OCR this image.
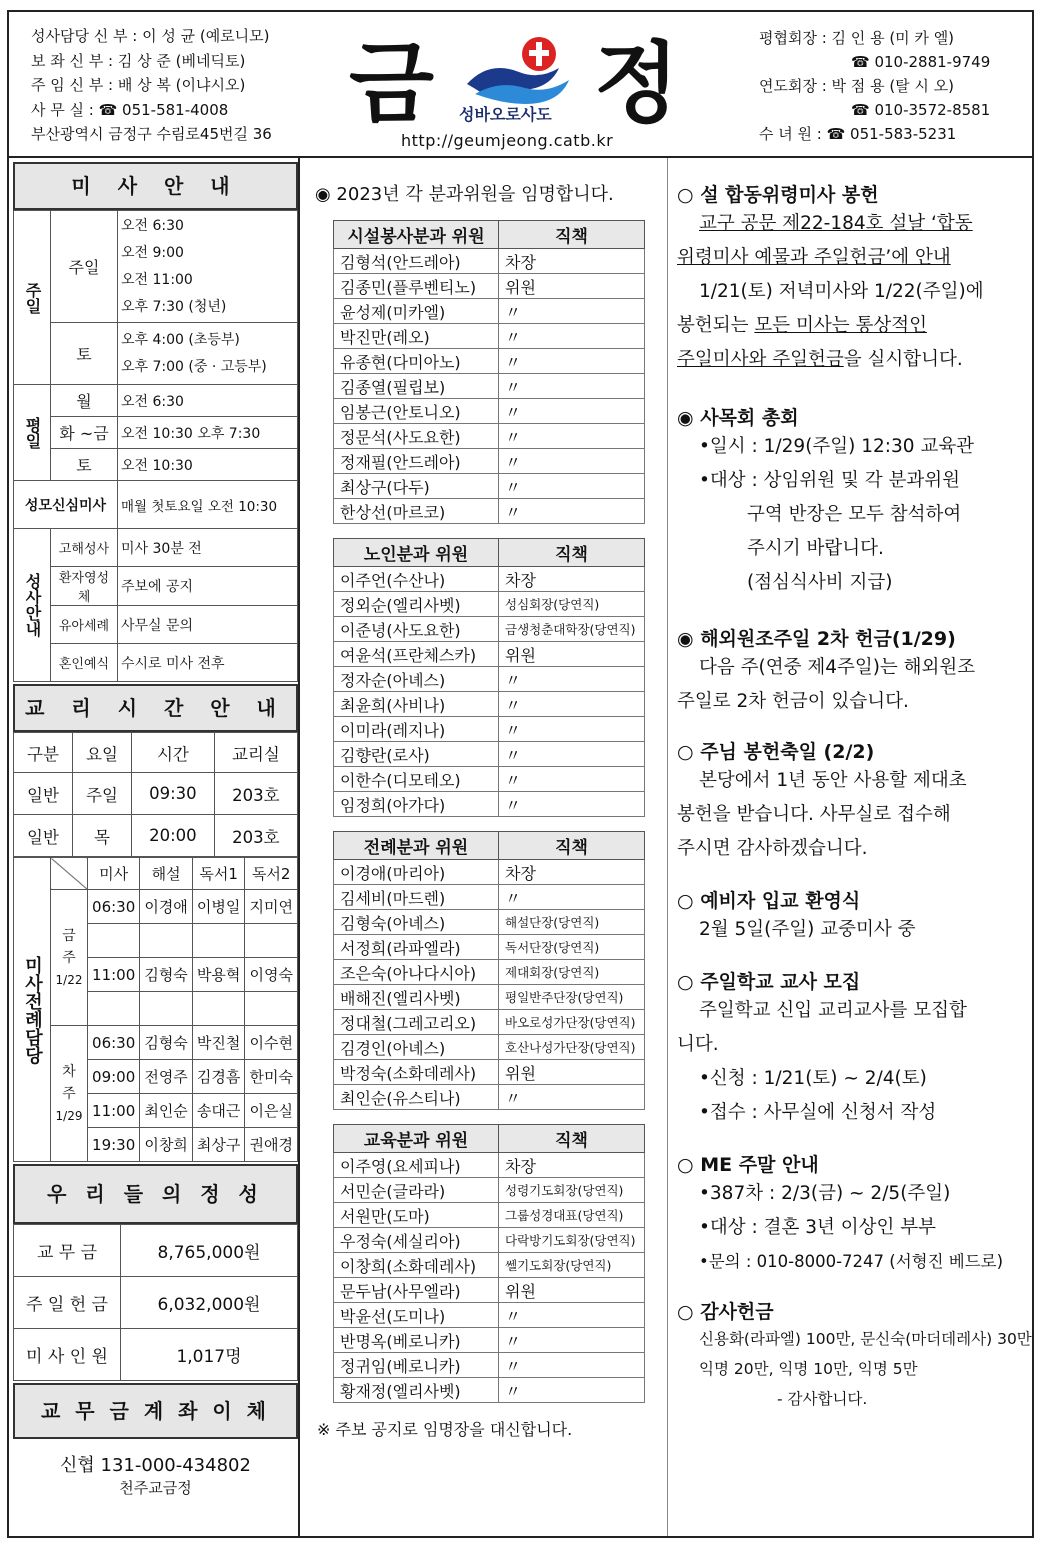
성사담당 신 부 : 이 성 균 (예로니모)
보 좌 신 부 : 김 상 준 (베네딕토)
주 임 신 부 : 배 상 복 (이냐시오)
사 무 실 : ☎ 051-581-4008
부산광역시 금정구 수림로45번길 36 금 성바오로사도 정
http://geumjeong.catb.kr
평협회장 : 김 인 용 (미 카 엘)
☎ 010-2881-9749
연도회장 : 박 점 용 (탈 시 오)
☎ 010-3572-8581
수 녀 원 : ☎ 051-583-5231
미 사 안 내
주일	주일	오전 6:30
오전 9:00
오전 11:00
오후 7:30 (청년)

	토	오후 4:00 (초등부)
오후 7:00 (중 · 고등부)

평일	월	오전 6:30
	화 ~금	오전 10:30 오후 7:30
	토	오전 10:30
성모신심미사		매월 첫토요일 오전 10:30
성사안내	고해성사	미사 30분 전
	환자영성체	주보에 공지
	유아세례	사무실 문의
	혼인예식	수시로 미사 전후
교 리 시 간 안 내
구분	요일	시간	교리실
일반	주일	09:30	203호
일반	목	20:00	203호
미사전례담당		미사	해설	독서1	독서2

	금주
1/22	06:30	이경애	이병일	지미연

		11:00	김형숙	박용혁	이영숙

	차주
1/29	06:30	김형숙	박진철	이수현
		09:00	전영주	김경흠	한미숙
		11:00	최인순	송대근	이은실
		19:30	이창희	최상구	권애경
우 리 들 의 정 성
교 무 금	8,765,000원
주 일 헌 금	6,032,000원
미 사 인 원	1,017명
교 무 금 계 좌 이 체
신협 131-000-434802
천주교금정
◉ 2023년 각 분과위원을 임명합니다.
시설봉사분과 위원	직책
김형석(안드레아)	차장
김종민(플루벤티노)	위원
윤성제(미카엘)	〃
박진만(레오)	〃
유종현(다미아노)	〃
김종열(필립보)	〃
임봉근(안토니오)	〃
정문석(사도요한)	〃
정재필(안드레아)	〃
최상구(다두)	〃
한상선(마르코)	〃
노인분과 위원	직책
이주언(수산나)	차장
정외순(엘리사벳)	성심회장(당연직)
이준녕(사도요한)	금생청춘대학장(당연직)
여윤석(프란체스카)	위원
정자순(아녜스)	〃
최윤희(사비나)	〃
이미라(레지나)	〃
김향란(로사)	〃
이한수(디모테오)	〃
임정희(아가다)	〃
전례분과 위원	직책
이경애(마리아)	차장
김세비(마드렌)	〃
김형숙(아녜스)	해설단장(당연직)
서정희(라파엘라)	독서단장(당연직)
조은숙(아나다시아)	제대회장(당연직)
배해진(엘리사벳)	평일반주단장(당연직)
정대철(그레고리오)	바오로성가단장(당연직)
김경인(아녜스)	호산나성가단장(당연직)
박정숙(소화데레사)	위원
최인순(유스티나)	〃
교육분과 위원	직책
이주영(요세피나)	차장
서민순(글라라)	성령기도회장(당연직)
서원만(도마)	그룹성경대표(당연직)
우정숙(세실리아)	다락방기도회장(당연직)
이창희(소화데레사)	쎌기도회장(당연직)
문두남(사무엘라)	위원
박윤선(도미나)	〃
반명옥(베로니카)	〃
정귀임(베로니카)	〃
황재정(엘리사벳)	〃
※ 주보 공지로 임명장을 대신합니다.
○ 설 합동위령미사 봉헌
교구 공문 제22-184호 설날 ‘합동
위령미사 예물과 주일헌금’에 안내
1/21(토) 저녁미사와 1/22(주일)에
봉헌되는 모든 미사는 통상적인
주일미사와 주일헌금을 실시합니다.
◉ 사목회 총회
•일시 : 1/29(주일) 12:30 교육관
•대상 : 상임위원 및 각 분과위원
구역 반장은 모두 참석하여
주시기 바랍니다.
(점심식사비 지급)
◉ 해외원조주일 2차 헌금(1/29)
다음 주(연중 제4주일)는 해외원조
주일로 2차 헌금이 있습니다.
○ 주님 봉헌축일 (2/2)
본당에서 1년 동안 사용할 제대초
봉헌을 받습니다. 사무실로 접수해
주시면 감사하겠습니다.
○ 예비자 입교 환영식
2월 5일(주일) 교중미사 중
○ 주일학교 교사 모집
주일학교 신입 교리교사를 모집합
니다.
•신청 : 1/21(토) ~ 2/4(토)
•접수 : 사무실에 신청서 작성
○ ME 주말 안내
•387차 : 2/3(금) ~ 2/5(주일)
•대상 : 결혼 3년 이상인 부부
•문의 : 010-8000-7247 (서형진 베드로)
○ 감사헌금
신용화(라파엘) 100만, 문신숙(마더데레사) 30만
익명 20만, 익명 10만, 익명 5만
- 감사합니다.
